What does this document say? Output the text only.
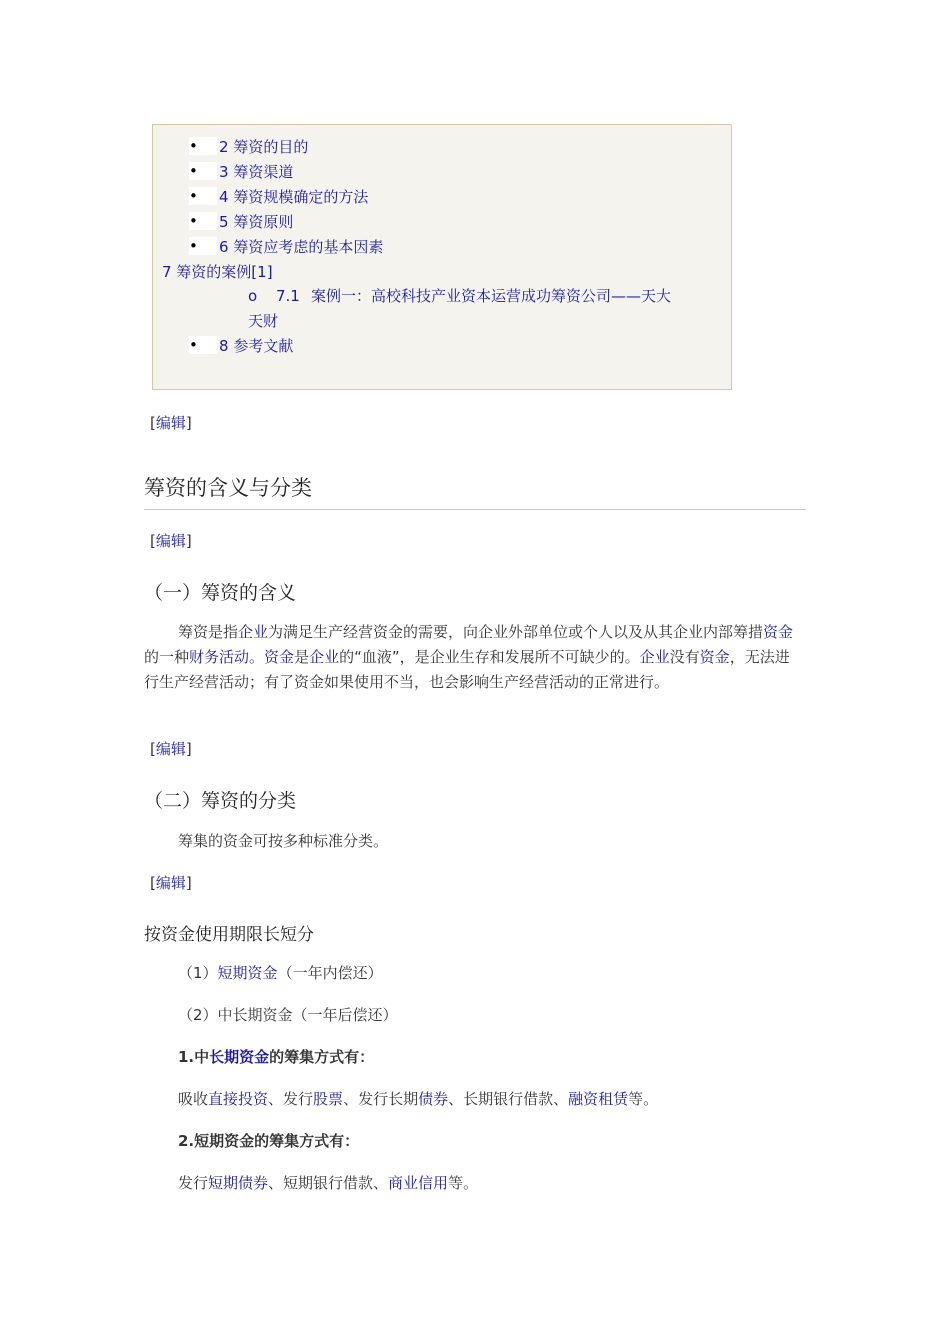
•	2 筹资的目的
•	3 筹资渠道
•	4 筹资规模确定的方法
•	5 筹资原则
•	6 筹资应考虑的基本因素
7 筹资的案例[1]
o 7.1 案例一：高校科技产业资本运营成功筹资公司——天大
天财
•	8 参考文献
[编辑]
筹资的含义与分类
[编辑]
（一）筹资的含义
筹资是指企业为满足生产经营资金的需要，向企业外部单位或个人以及从其企业内部筹措资金的一种财务活动。资金是企业的“血液”，是企业生存和发展所不可缺少的。企业没有资金，无法进行生产经营活动；有了资金如果使用不当，也会影响生产经营活动的正常进行。
[编辑]
（二）筹资的分类
筹集的资金可按多种标准分类。
[编辑]
按资金使用期限长短分
（1）短期资金（一年内偿还）
（2）中长期资金（一年后偿还）
1.中长期资金的筹集方式有：
吸收直接投资、发行股票、发行长期债券、长期银行借款、融资租赁等。
2.短期资金的筹集方式有：
发行短期债券、短期银行借款、商业信用等。
